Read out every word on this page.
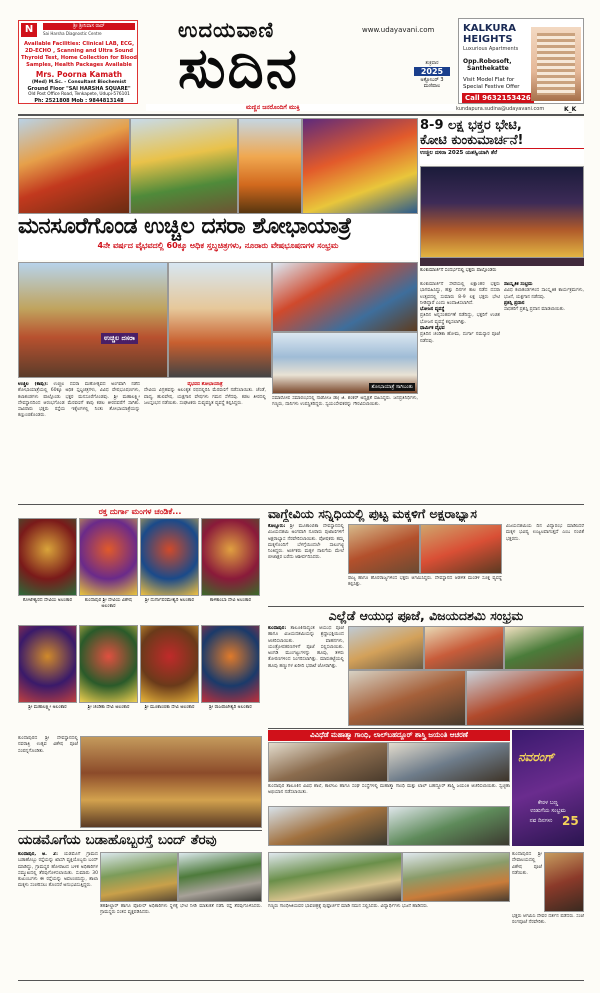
N	ಶ್ರೀ ಶ್ರೀನಿವಾಸ ರಾವ್
Sai Harsha Diagnostic Centre
Available Facilities: Clinical LAB, ECG,
2D-ECHO , Scanning and Ultra Sound
Thyroid Test, Home Collection for Blood
Samples, Health Packages Available
Mrs. Poorna Kamath
(Med) M.Sc. - Consultant Biochemist
Ground Floor "SAI HARSHA SQUARE"
Old Post Office Road, Tenkapete, Udupi-576101
Ph: 2521808 Mob : 9844813148
ಉದಯವಾಣಿ	www.udayavani.com
ಸುದಿನ	ಶುಕ್ರವಾರ
2025
ಅಕ್ಟೋಬರ್ 3
ಮಣಿಪಾಲ
ಮಣ್ಣಿನ ಜನರೊಂದಿಗೆ ಮುಕ್ತಿ	kundapura.sudina@udayavani.com	K_K
KALKURA
HEIGHTS
Luxurious Apartments
Opp.Robosoft,
Santhekatte
Visit Model Flat for
Special Festive Offer
Call 9632153426
8-9 ಲಕ್ಷ ಭಕ್ತರ ಭೇಟಿ,
ಕೋಟಿ ಕುಂಕುಮಾರ್ಚನೆ!
ಉಚ್ಚಿಲ ದಸರಾ 2025 ಯಶಸ್ವಿಯಾಗಿ ತೆರೆ
ಮನಸೂರೆಗೊಂಡ ಉಚ್ಚಿಲ ದಸರಾ ಶೋಭಾಯಾತ್ರೆ
4ನೇ ವರ್ಷದ ವೈಭವದಲ್ಲಿ 60ಕ್ಕೂ ಅಧಿಕ ಸ್ತಬ್ಧಚಿತ್ರಗಳು, ನೂರಾರು ವೇಷಭೂಷಣಗಳ ಸಂಭ್ರಮ
ಕುಂಕುಮಾರ್ಚನೆ ಸಂದರ್ಭದಲ್ಲಿ ಭಕ್ತರು ಪಾಲ್ಗೊಂಡರು
ಉಚ್ಚಿಲ ದಸರಾ
ಶೋಭಾಯಾತ್ರೆ ಸಾಗಿಬಂತು
ಉಚ್ಚಿಲ (ಕಾಪು): ಉಚ್ಚಿಲ ದಸರಾ ಮಹೋತ್ಸವದ ಅಂಗವಾಗಿ ನಡೆದ ಶೋಭಾಯಾತ್ರೆಯಲ್ಲಿ 60ಕ್ಕೂ ಅಧಿಕ ಸ್ತಬ್ಧಚಿತ್ರಗಳು, ವಿವಿಧ ವೇಷಭೂಷಣಗಳು, ಕಲಾತಂಡಗಳು ಪಾಲ್ಗೊಂಡು ಭಕ್ತರ ಮನಸೂರೆಗೊಂಡವು. ಶ್ರೀ ಮಹಾಲಕ್ಷ್ಮೀ ದೇವಸ್ಥಾನದಿಂದ ಆರಂಭಗೊಂಡ ಮೆರವಣಿಗೆ ಕಾಪು ಕಡಲ ತೀರದವರೆಗೆ ಸಾಗಿತು. ಸಾವಿರಾರು ಭಕ್ತರು ರಸ್ತೆಯ ಇಕ್ಕೆಲಗಳಲ್ಲಿ ನಿಂತು ಶೋಭಾಯಾತ್ರೆಯನ್ನು ಕಣ್ತುಂಬಿಕೊಂಡರು.
ವೈಭವದ ಶೋಭಾಯಾತ್ರೆ
ದೇವಿಯ ವಿಗ್ರಹವನ್ನು ಅಲಂಕೃತ ರಥದಲ್ಲಿರಿಸಿ ಮೆರವಣಿಗೆ ನಡೆಸಲಾಯಿತು. ಚೆಂಡೆ, ವಾದ್ಯ, ಹುಲಿವೇಷ, ಯಕ್ಷಗಾನ ವೇಷಗಳು ಗಮನ ಸೆಳೆದವು. ಕಡಲ ತೀರದಲ್ಲಿ ಜಲಸ್ತಂಭನ ನಡೆಯಿತು. ಸಂಘಟಕರು ಸುವ್ಯವಸ್ಥಿತ ವ್ಯವಸ್ಥೆ ಕಲ್ಪಿಸಿದ್ದರು.
ಸಮಾರೋಪ ಸಮಾರಂಭದಲ್ಲಿ ನಾಡೋಜ ಡಾ| ಜಿ. ಶಂಕರ್ ಅಧ್ಯಕ್ಷತೆ ವಹಿಸಿದ್ದರು. ಜನಪ್ರತಿನಿಧಿಗಳು, ಗಣ್ಯರು, ದಾನಿಗಳು ಉಪಸ್ಥಿತರಿದ್ದರು. ಸ್ವಯಂಸೇವಕರನ್ನು ಗೌರವಿಸಲಾಯಿತು.
ಕುಂಕುಮಾರ್ಚನೆ ಸೇವೆಯಲ್ಲಿ ಲಕ್ಷಾಂತರ ಭಕ್ತರು ಭಾಗವಹಿಸಿದ್ದು, ಹತ್ತು ದಿನಗಳ ಕಾಲ ನಡೆದ ದಸರಾ ಉತ್ಸವದಲ್ಲಿ ಸುಮಾರು 8-9 ಲಕ್ಷ ಭಕ್ತರು ಭೇಟಿ ನೀಡಿದ್ದಾರೆ ಎಂದು ಅಂದಾಜಿಸಲಾಗಿದೆ.
ಭೋಜನ ವ್ಯವಸ್ಥೆ
ಪ್ರತಿದಿನ ಅನ್ನಸಂತರ್ಪಣೆ ನಡೆದಿದ್ದು, ಭಕ್ತರಿಗೆ ಉಚಿತ ಭೋಜನ ವ್ಯವಸ್ಥೆ ಕಲ್ಪಿಸಲಾಗಿತ್ತು.
ಧಾರ್ಮಿಕ ವೈಭವ
ಪ್ರತಿದಿನ ಚಂಡಿಕಾ ಹೋಮ, ದುರ್ಗಾ ನಮಸ್ಕಾರ ಪೂಜೆ ನಡೆದವು.
ಸಾಂಸ್ಕೃತಿಕ ಸಂಭ್ರಮ
ವಿವಿಧ ಕಲಾತಂಡಗಳಿಂದ ಸಾಂಸ್ಕೃತಿಕ ಕಾರ್ಯಕ್ರಮಗಳು, ಭಜನೆ, ಯಕ್ಷಗಾನ ನಡೆದವು.
ಪ್ರಶಸ್ತಿ ಪ್ರದಾನ
ಸಾಧಕರಿಗೆ ಪ್ರಶಸ್ತಿ ಪ್ರದಾನ ಮಾಡಲಾಯಿತು.
ರಕ್ತ ದುರ್ಗಾ ಮಂಗಳ ಚಂಡಿಕೆ...
ಕೋಟೇಶ್ವರದ ದೇವಿಯ ಅಲಂಕಾರ	ಕುಂದಾಪುರ ಶ್ರೀ ದೇವಿಯ ವಿಶೇಷ ಅಲಂಕಾರ
ಶ್ರೀ ದುರ್ಗಾಪರಮೇಶ್ವರಿ ಅಲಂಕಾರ	ಕಾಳಿಕಾಂಬಾ ದೇವಿ ಅಲಂಕಾರ
ಶ್ರೀ ಮಹಾಲಕ್ಷ್ಮೀ ಅಲಂಕಾರ	ಶ್ರೀ ಚಂಡಿಕಾ ದೇವಿ ಅಲಂಕಾರ	ಶ್ರೀ ಮೂಕಾಂಬಿಕಾ ದೇವಿ ಅಲಂಕಾರ	ಶ್ರೀ ರಾಜರಾಜೇಶ್ವರಿ ಅಲಂಕಾರ
ಕುಂದಾಪುರದ ಶ್ರೀ ದೇವಸ್ಥಾನದಲ್ಲಿ ನವರಾತ್ರಿ ಉತ್ಸವ ವಿಶೇಷ ಪೂಜೆ ಸಂಪನ್ನಗೊಂಡಿತು.
ವಾಗ್ದೇವಿಯ ಸನ್ನಿಧಿಯಲ್ಲಿ ಪುಟ್ಟ ಮಕ್ಕಳಿಗೆ ಅಕ್ಷರಾಭ್ಯಾಸ
ಕೊಲ್ಲೂರು: ಶ್ರೀ ಮೂಕಾಂಬಿಕಾ ದೇವಸ್ಥಾನದಲ್ಲಿ ವಿಜಯದಶಮಿ ಅಂಗವಾಗಿ ನೂರಾರು ಪುಟಾಣಿಗಳಿಗೆ ಅಕ್ಷರಾಭ್ಯಾಸ ನೆರವೇರಿಸಲಾಯಿತು. ಪೋಷಕರು ತಮ್ಮ ಮಕ್ಕಳೊಂದಿಗೆ ಬೆಳಗ್ಗೆಯಿಂದಲೇ ಸಾಲುಗಟ್ಟಿ ನಿಂತಿದ್ದರು. ಅರ್ಚಕರು ಮಕ್ಕಳ ನಾಲಿಗೆಯ ಮೇಲೆ ಬೀಜಾಕ್ಷರ ಬರೆದು ಆಶೀರ್ವದಿಸಿದರು.
ರಾಜ್ಯ ಹಾಗೂ ಹೊರರಾಜ್ಯಗಳಿಂದ ಭಕ್ತರು ಆಗಮಿಸಿದ್ದರು. ದೇವಸ್ಥಾನದ ಆಡಳಿತ ಮಂಡಳಿ ಸೂಕ್ತ ವ್ಯವಸ್ಥೆ ಕಲ್ಪಿಸಿತ್ತು.
ವಿಜಯದಶಮಿಯ ದಿನ ವಿದ್ಯಾರಂಭ ಮಾಡಿಸಿದರೆ ಮಕ್ಕಳ ಭವಿಷ್ಯ ಉಜ್ವಲವಾಗುತ್ತದೆ ಎಂಬ ನಂಬಿಕೆ ಭಕ್ತರದು.
ಎಲ್ಲೆಡೆ ಆಯುಧ ಪೂಜೆ, ವಿಜಯದಶಮಿ ಸಂಭ್ರಮ
ಕುಂದಾಪುರ: ತಾಲೂಕಿನಾದ್ಯಂತ ಆಯುಧ ಪೂಜೆ ಹಾಗೂ ವಿಜಯದಶಮಿಯನ್ನು ಶ್ರದ್ಧಾಭಕ್ತಿಯಿಂದ ಆಚರಿಸಲಾಯಿತು. ವಾಹನಗಳು, ಯಂತ್ರೋಪಕರಣಗಳಿಗೆ ಪೂಜೆ ಸಲ್ಲಿಸಲಾಯಿತು. ಅಂಗಡಿ ಮುಂಗಟ್ಟುಗಳನ್ನು ಹೂವು, ತಳಿರು ತೋರಣಗಳಿಂದ ಸಿಂಗರಿಸಲಾಗಿತ್ತು. ಮಾರುಕಟ್ಟೆಯಲ್ಲಿ ಹೂವು ಹಣ್ಣುಗಳ ಖರೀದಿ ಭರಾಟೆ ಜೋರಾಗಿತ್ತು.
ವಿವಿಧೆಡೆ ಮಹಾತ್ಮಾ ಗಾಂಧಿ, ಲಾಲ್‌ಬಹದ್ದೂರ್ ಶಾಸ್ತ್ರಿ ಜಯಂತಿ ಆಚರಣೆ
ಕುಂದಾಪುರ ತಾಲೂಕಿನ ವಿವಿಧ ಶಾಲೆ, ಕಾಲೇಜು ಹಾಗೂ ಸಂಘ ಸಂಸ್ಥೆಗಳಲ್ಲಿ ಮಹಾತ್ಮಾ ಗಾಂಧಿ ಮತ್ತು ಲಾಲ್ ಬಹದ್ದೂರ್ ಶಾಸ್ತ್ರಿ ಜಯಂತಿ ಆಚರಿಸಲಾಯಿತು. ಸ್ವಚ್ಛತಾ ಅಭಿಯಾನ ನಡೆಸಲಾಯಿತು.
ನವರಂಗ್
ಕೇರಳ ಬಣ್ಣ
ಉಡುಗೆಯ ಸಂಭ್ರಮ
ನವ ದಿನಗಳು 25
ಯಡಮೊಗೆಯ ಬಡಾಹೊಬ್ಬರಸ್ತೆ ಬಂದ್ ತೆರವು
ಕುಂದಾಪುರ, ಅ. 2: ಯಡಮೊಗೆ ಗ್ರಾಮದ ಬಡಾಹೊಬ್ಬು ರಸ್ತೆಯನ್ನು ಖಾಸಗಿ ವ್ಯಕ್ತಿಯೊಬ್ಬರು ಬಂದ್ ಮಾಡಿದ್ದು, ಗ್ರಾಮಸ್ಥರ ಹೋರಾಟದ ಬಳಿಕ ಅಧಿಕಾರಿಗಳ ಸಮ್ಮುಖದಲ್ಲಿ ತೆರವುಗೊಳಿಸಲಾಯಿತು. ಸುಮಾರು 30 ಕುಟುಂಬಗಳು ಈ ರಸ್ತೆಯನ್ನು ಅವಲಂಬಿಸಿದ್ದು, ಶಾಲಾ ಮಕ್ಕಳು ಸಂಚರಿಸಲು ತೊಂದರೆ ಅನುಭವಿಸುತ್ತಿದ್ದರು.
ತಹಶೀಲ್ದಾರ್ ಹಾಗೂ ಪೊಲೀಸ್ ಅಧಿಕಾರಿಗಳು ಸ್ಥಳಕ್ಕೆ ಭೇಟಿ ನೀಡಿ ಮಾತುಕತೆ ನಡೆಸಿ ರಸ್ತೆ ತೆರವುಗೊಳಿಸಿದರು. ಗ್ರಾಮಸ್ಥರು ಸಂತಸ ವ್ಯಕ್ತಪಡಿಸಿದರು.
ಗಣ್ಯರು ಗಾಂಧೀಜಿಯವರ ಭಾವಚಿತ್ರಕ್ಕೆ ಪುಷ್ಪಾರ್ಚನೆ ಮಾಡಿ ನಮನ ಸಲ್ಲಿಸಿದರು. ವಿದ್ಯಾರ್ಥಿಗಳು ಭಜನೆ ಹಾಡಿದರು.
ಕುಂದಾಪುರದ ಶ್ರೀ ದೇವಾಲಯದಲ್ಲಿ ವಿಶೇಷ ಪೂಜೆ ನಡೆಯಿತು.
ಭಕ್ತರು ಆಗಮಿಸಿ ದೇವರ ದರ್ಶನ ಪಡೆದರು. ಸಂಜೆ ರಂಗಪೂಜೆ ನೆರವೇರಿತು.
